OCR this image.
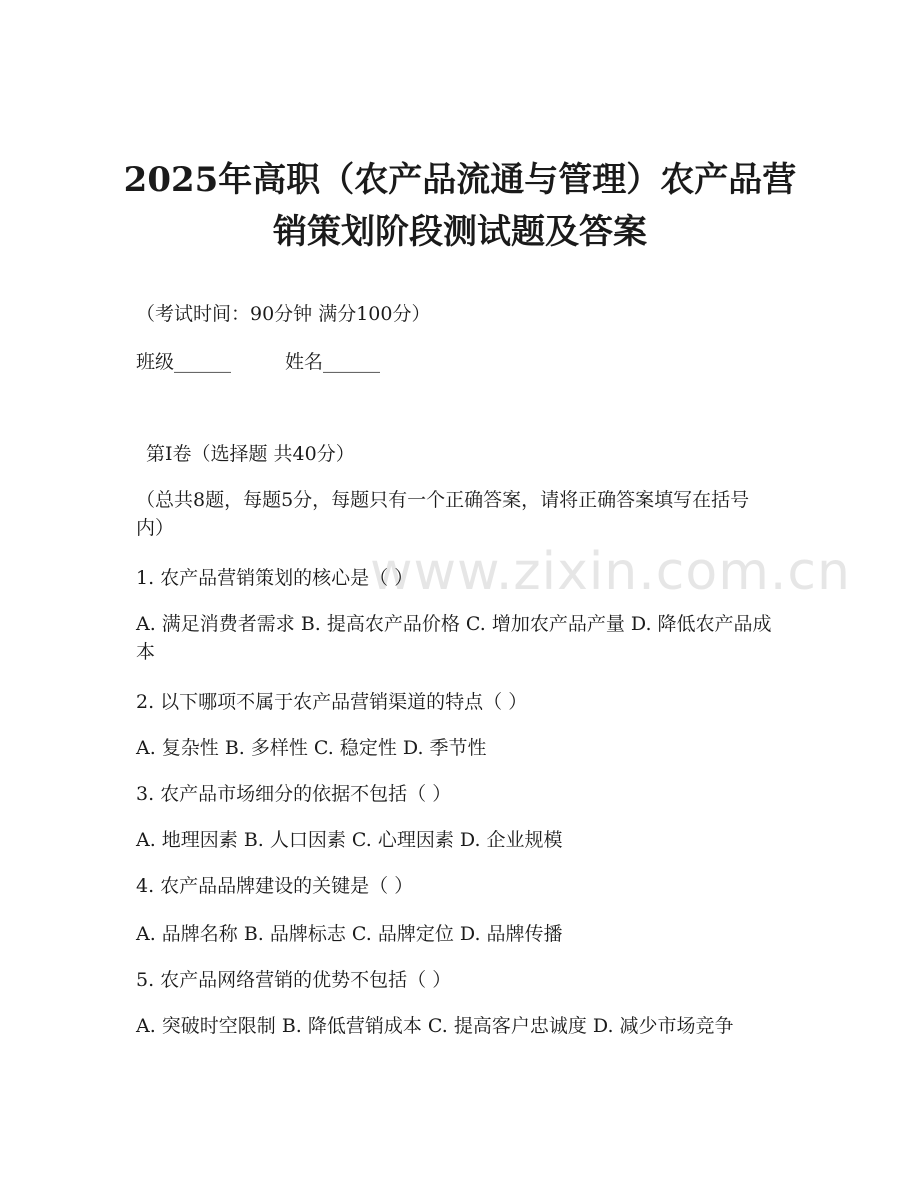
www.zixin.com.cn
2025年高职（农产品流通与管理）农产品营
销策划阶段测试题及答案
（考试时间：90分钟 满分100分）
班级______	姓名______
第Ⅰ卷（选择题 共40分）
（总共8题，每题5分，每题只有一个正确答案，请将正确答案填写在括号内）
1. 农产品营销策划的核心是（ ）
A. 满足消费者需求 B. 提高农产品价格 C. 增加农产品产量 D. 降低农产品成本
2. 以下哪项不属于农产品营销渠道的特点（ ）
A. 复杂性 B. 多样性 C. 稳定性 D. 季节性
3. 农产品市场细分的依据不包括（ ）
A. 地理因素 B. 人口因素 C. 心理因素 D. 企业规模
4. 农产品品牌建设的关键是（ ）
A. 品牌名称 B. 品牌标志 C. 品牌定位 D. 品牌传播
5. 农产品网络营销的优势不包括（ ）
A. 突破时空限制 B. 降低营销成本 C. 提高客户忠诚度 D. 减少市场竞争
